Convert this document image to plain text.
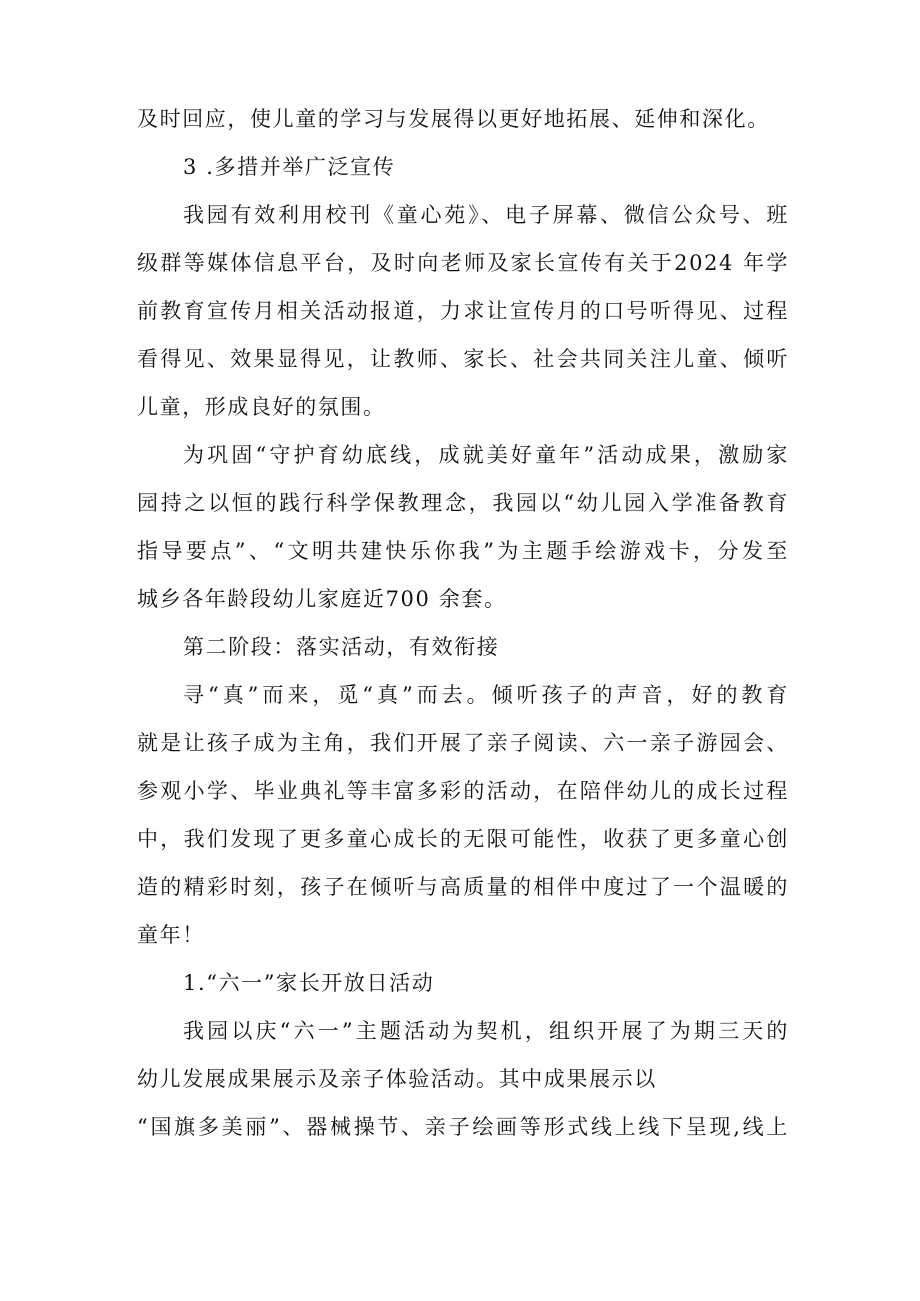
及时回应，使儿童的学习与发展得以更好地拓展、延伸和深化。
3 .多措并举广泛宣传
我园有效利用校刊《童心苑》、电子屏幕、微信公众号、班
级群等媒体信息平台，及时向老师及家长宣传有关于2024 年学
前教育宣传月相关活动报道，力求让宣传月的口号听得见、过程
看得见、效果显得见，让教师、家长、社会共同关注儿童、倾听
儿童，形成良好的氛围。
为巩固“守护育幼底线，成就美好童年”活动成果，激励家
园持之以恒的践行科学保教理念，我园以“幼儿园入学准备教育
指导要点”、“文明共建快乐你我”为主题手绘游戏卡，分发至
城乡各年龄段幼儿家庭近700 余套。
第二阶段：落实活动，有效衔接
寻“真”而来，觅“真”而去。倾听孩子的声音，好的教育
就是让孩子成为主角，我们开展了亲子阅读、六一亲子游园会、
参观小学、毕业典礼等丰富多彩的活动，在陪伴幼儿的成长过程
中，我们发现了更多童心成长的无限可能性，收获了更多童心创
造的精彩时刻，孩子在倾听与高质量的相伴中度过了一个温暖的
童年！
1.“六一”家长开放日活动
我园以庆“六一”主题活动为契机，组织开展了为期三天的
幼儿发展成果展示及亲子体验活动。其中成果展示以
“国旗多美丽”、器械操节、亲子绘画等形式线上线下呈现,线上
